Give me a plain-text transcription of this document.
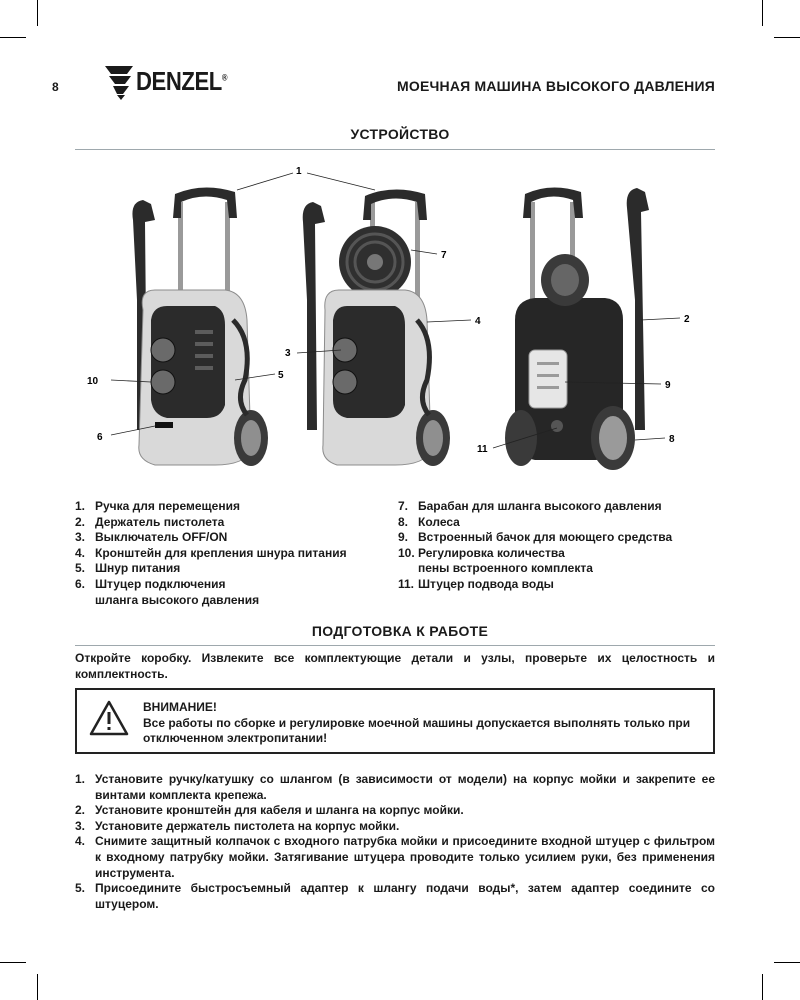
8	DENZEL®
МОЕЧНАЯ МАШИНА ВЫСОКОГО ДАВЛЕНИЯ
УСТРОЙСТВО
1
2
3
4
5
6
7
8
9
10
11
1. Ручка для перемещения
2. Держатель пистолета
3. Выключатель OFF/ON
4. Кронштейн для крепления шнура питания
5. Шнур питания
6. Штуцер подключения
шланга высокого давления
7. Барабан для шланга высокого давления
8. Колеса
9. Встроенный бачок для моющего средства
10. Регулировка количества
пены встроенного комплекта
11. Штуцер подвода воды
ПОДГОТОВКА К РАБОТЕ
Откройте коробку. Извлеките все комплектующие детали и узлы, проверьте их целостность и комплектность.
ВНИМАНИЕ!
Все работы по сборке и регулировке моечной машины допускается выполнять только при отключенном электропитании!
1. Установите ручку/катушку со шлангом (в зависимости от модели) на корпус мойки и закрепите ее винтами комплекта крепежа.
2. Установите кронштейн для кабеля и шланга на корпус мойки.
3. Установите держатель пистолета на корпус мойки.
4. Снимите защитный колпачок с входного патрубка мойки и присоедините входной штуцер с фильтром к входному патрубку мойки. Затягивание штуцера проводите только усилием руки, без применения инструмента.
5. Присоедините быстросъемный адаптер к шлангу подачи воды*, затем адаптер соедините со штуцером.
